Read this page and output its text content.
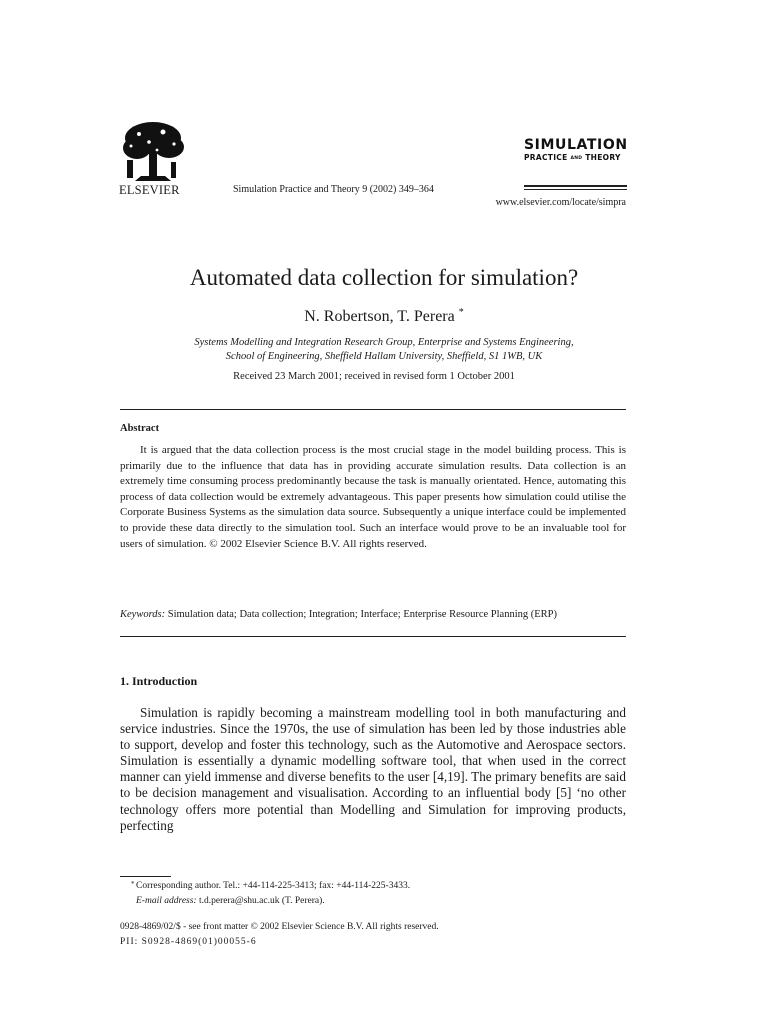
ELSEVIER	Simulation Practice and Theory 9 (2002) 349–364
www.elsevier.com/locate/simpra
SIMULATION
PRACTICE AND THEORY
Automated data collection for simulation?
N. Robertson, T. Perera *
Systems Modelling and Integration Research Group, Enterprise and Systems Engineering,
School of Engineering, Sheffield Hallam University, Sheffield, S1 1WB, UK
Received 23 March 2001; received in revised form 1 October 2001
Abstract
It is argued that the data collection process is the most crucial stage in the model building process. This is primarily due to the influence that data has in providing accurate simulation results. Data collection is an extremely time consuming process predominantly because the task is manually orientated. Hence, automating this process of data collection would be extremely advantageous. This paper presents how simulation could utilise the Corporate Business Systems as the simulation data source. Subsequently a unique interface could be implemented to provide these data directly to the simulation tool. Such an interface would prove to be an invaluable tool for users of simulation. © 2002 Elsevier Science B.V. All rights reserved.
Keywords: Simulation data; Data collection; Integration; Interface; Enterprise Resource Planning (ERP)
1. Introduction
Simulation is rapidly becoming a mainstream modelling tool in both manufacturing and service industries. Since the 1970s, the use of simulation has been led by those industries able to support, develop and foster this technology, such as the Automotive and Aerospace sectors. Simulation is essentially a dynamic modelling software tool, that when used in the correct manner can yield immense and diverse benefits to the user [4,19]. The primary benefits are said to be decision management and visualisation. According to an influential body [5] ‘no other technology offers more potential than Modelling and Simulation for improving products, perfecting
* Corresponding author. Tel.: +44-114-225-3413; fax: +44-114-225-3433.
E-mail address: t.d.perera@shu.ac.uk (T. Perera).
0928-4869/02/$ - see front matter © 2002 Elsevier Science B.V. All rights reserved.
PII: S0928-4869(01)00055-6
